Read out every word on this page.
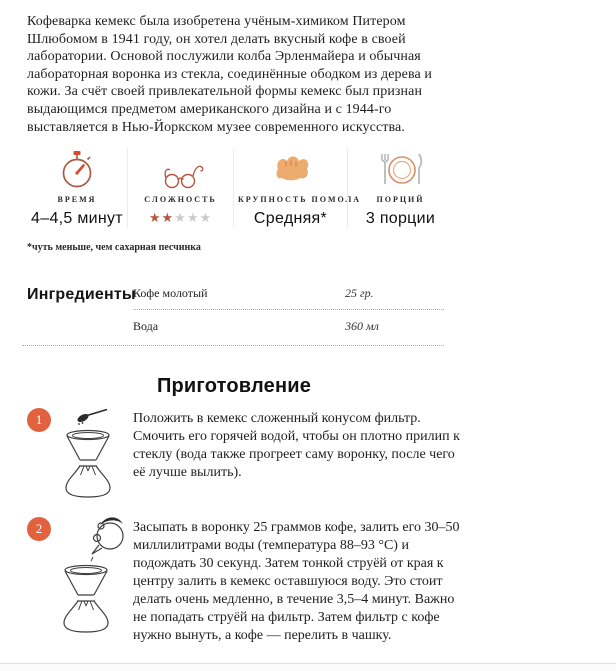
Кофеварка кемекс была изобретена учёным-химиком Питером Шлюбомом в 1941 году, он хотел делать вкусный кофе в своей лаборатории. Основой послужили колба Эрленмайера и обычная лабораторная воронка из стекла, соединённые ободком из дерева и кожи. За счёт своей привлекательной формы кемекс был признан выдающимся предметом американского дизайна и с 1944-го выставляется в Нью-Йоркском музее современного искусства.

ВРЕМЯ
4–4,5 минут
СЛОЖНОСТЬ
★★★★★
КРУПНОСТЬ ПОМОЛА
Средняя*
ПОРЦИЙ
3 порции
*чуть меньше, чем сахарная песчинка
Ингредиенты
Кофе молотый	25 гр.
Вода	360 мл
Приготовление
1	Положить в кемекс сложенный конусом фильтр. Смочить его горячей водой, чтобы он плотно прилип к стеклу (вода также прогреет саму воронку, после чего её лучше вылить).

2	Засыпать в воронку 25 граммов кофе, залить его 30–50 миллилитрами воды (температура 88–93 °C) и подождать 30 секунд. Затем тонкой струёй от края к центру залить в кемекс оставшуюся воду. Это стоит делать очень медленно, в течение 3,5–4 минут. Важно не попадать струёй на фильтр. Затем фильтр с кофе нужно вынуть, а кофе — перелить в чашку.
